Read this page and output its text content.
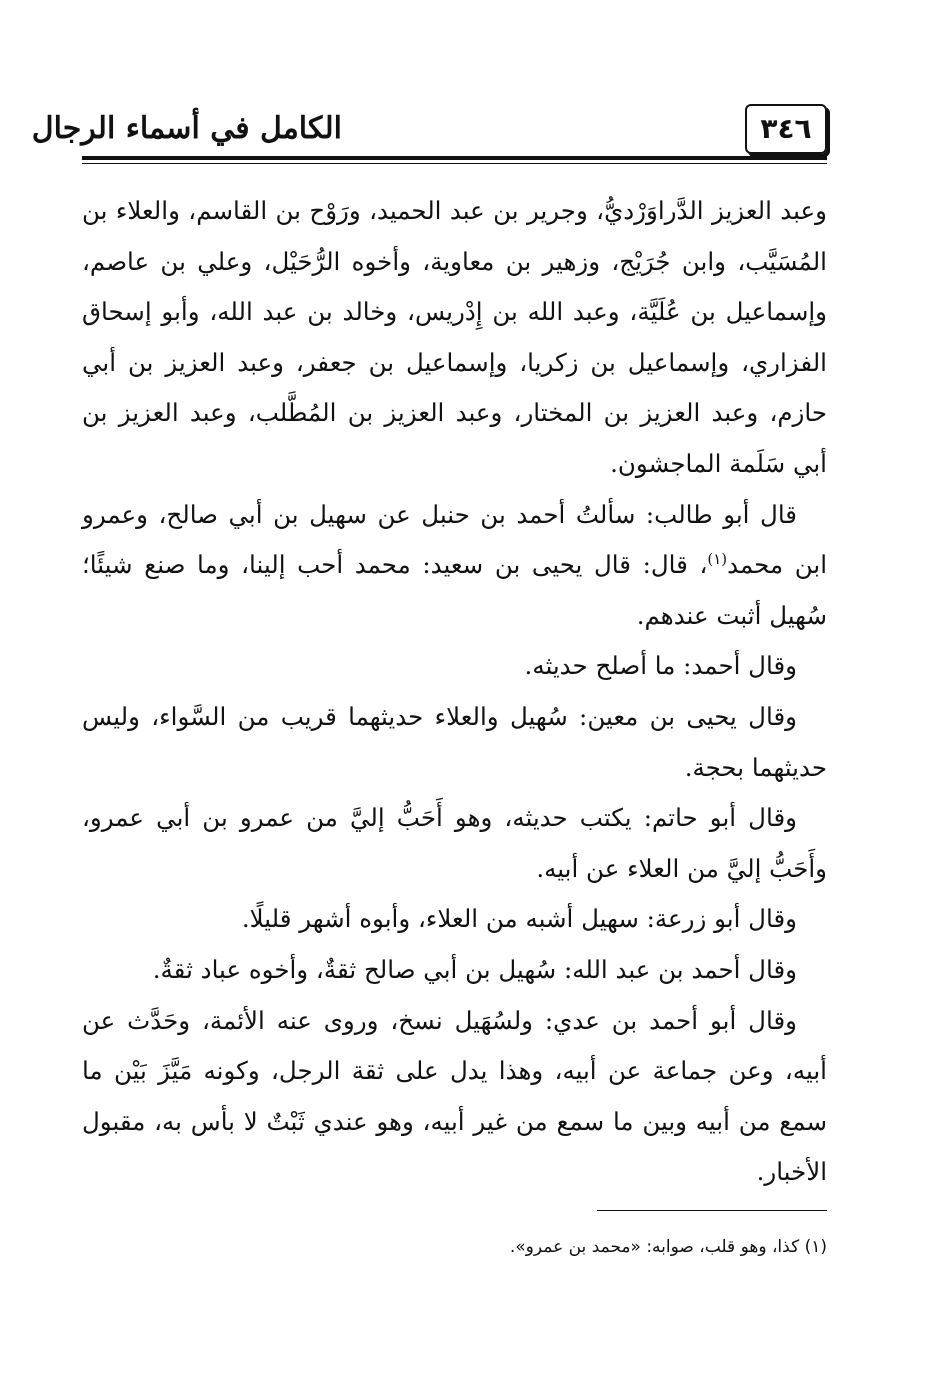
الكامل في أسماء الرجال	٣٤٦

وعبد العزيز الدَّراوَرْديُّ، وجرير بن عبد الحميد، ورَوْح بن القاسم، والعلاء بن المُسَيَّب، وابن جُرَيْج، وزهير بن معاوية، وأخوه الرُّحَيْل، وعلي بن عاصم، وإسماعيل بن عُلَيَّة، وعبد الله بن إِدْريس، وخالد بن عبد الله، وأبو إسحاق الفزاري، وإسماعيل بن زكريا، وإسماعيل بن جعفر، وعبد العزيز بن أبي حازم، وعبد العزيز بن المختار، وعبد العزيز بن المُطَّلب، وعبد العزيز بن أبي سَلَمة الماجشون.

قال أبو طالب: سألتُ أحمد بن حنبل عن سهيل بن أبي صالح، وعمرو ابن محمد$^{(١)}$، قال: قال يحيى بن سعيد: محمد أحب إلينا، وما صنع شيئًا؛ سُهيل أثبت عندهم.

وقال أحمد: ما أصلح حديثه.

وقال يحيى بن معين: سُهيل والعلاء حديثهما قريب من السَّواء، وليس حديثهما بحجة.

وقال أبو حاتم: يكتب حديثه، وهو أَحَبُّ إليَّ من عمرو بن أبي عمرو، وأَحَبُّ إليَّ من العلاء عن أبيه.

وقال أبو زرعة: سهيل أشبه من العلاء، وأبوه أشهر قليلًا.

وقال أحمد بن عبد الله: سُهيل بن أبي صالح ثقةٌ، وأخوه عباد ثقةٌ.

وقال أبو أحمد بن عدي: ولسُهَيل نسخ، وروى عنه الأئمة، وحَدَّث عن أبيه، وعن جماعة عن أبيه، وهذا يدل على ثقة الرجل، وكونه مَيَّزَ بَيْن ما سمع من أبيه وبين ما سمع من غير أبيه، وهو عندي ثَبْتٌ لا بأس به، مقبول الأخبار.

(١) كذا، وهو قلب، صوابه: «محمد بن عمرو».
